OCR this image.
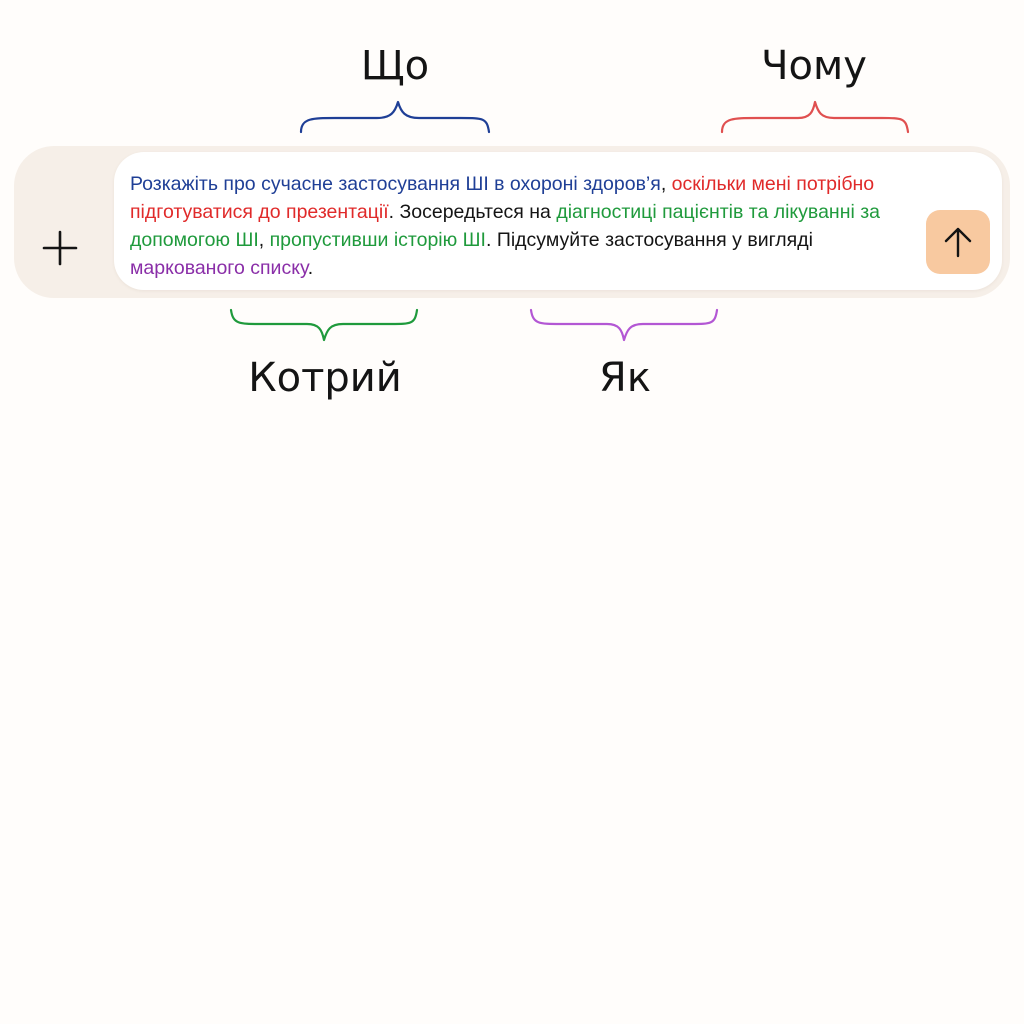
Що	Чому

Розкажіть про сучасне застосування ШІ в охороні здоров’я, оскільки мені потрібно підготуватися до презентації. Зосередьтеся на діагностиці пацієнтів та лікуванні за допомогою ШІ, пропустивши історію ШІ. Підсумуйте застосування у вигляді маркованого списку.

Котрий	Як
